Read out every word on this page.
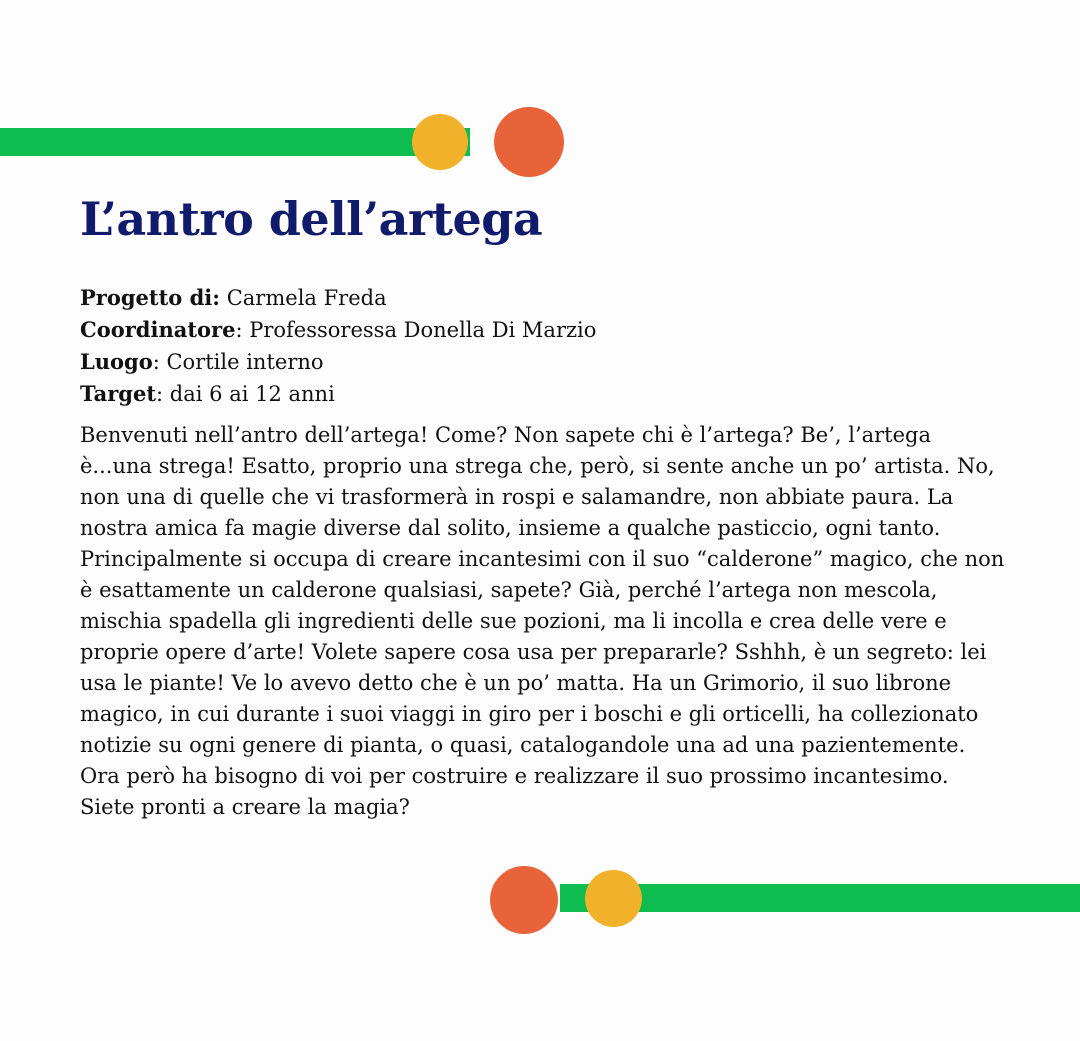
L’antro dell’artega
Progetto di: Carmela Freda
Coordinatore: Professoressa Donella Di Marzio
Luogo: Cortile interno
Target: dai 6 ai 12 anni

Benvenuti nell’antro dell’artega! Come? Non sapete chi è l’artega? Be’, l’artega è...una strega! Esatto, proprio una strega che, però, si sente anche un po’ artista. No, non una di quelle che vi trasformerà in rospi e salamandre, non abbiate paura. La nostra amica fa magie diverse dal solito, insieme a qualche pasticcio, ogni tanto. Principalmente si occupa di creare incantesimi con il suo “calderone” magico, che non è esattamente un calderone qualsiasi, sapete? Già, perché l’artega non mescola, mischia spadella gli ingredienti delle sue pozioni, ma li incolla e crea delle vere e proprie opere d’arte! Volete sapere cosa usa per prepararle? Sshhh, è un segreto: lei usa le piante! Ve lo avevo detto che è un po’ matta. Ha un Grimorio, il suo librone magico, in cui durante i suoi viaggi in giro per i boschi e gli orticelli, ha collezionato notizie su ogni genere di pianta, o quasi, catalogandole una ad una pazientemente. Ora però ha bisogno di voi per costruire e realizzare il suo prossimo incantesimo. Siete pronti a creare la magia?
